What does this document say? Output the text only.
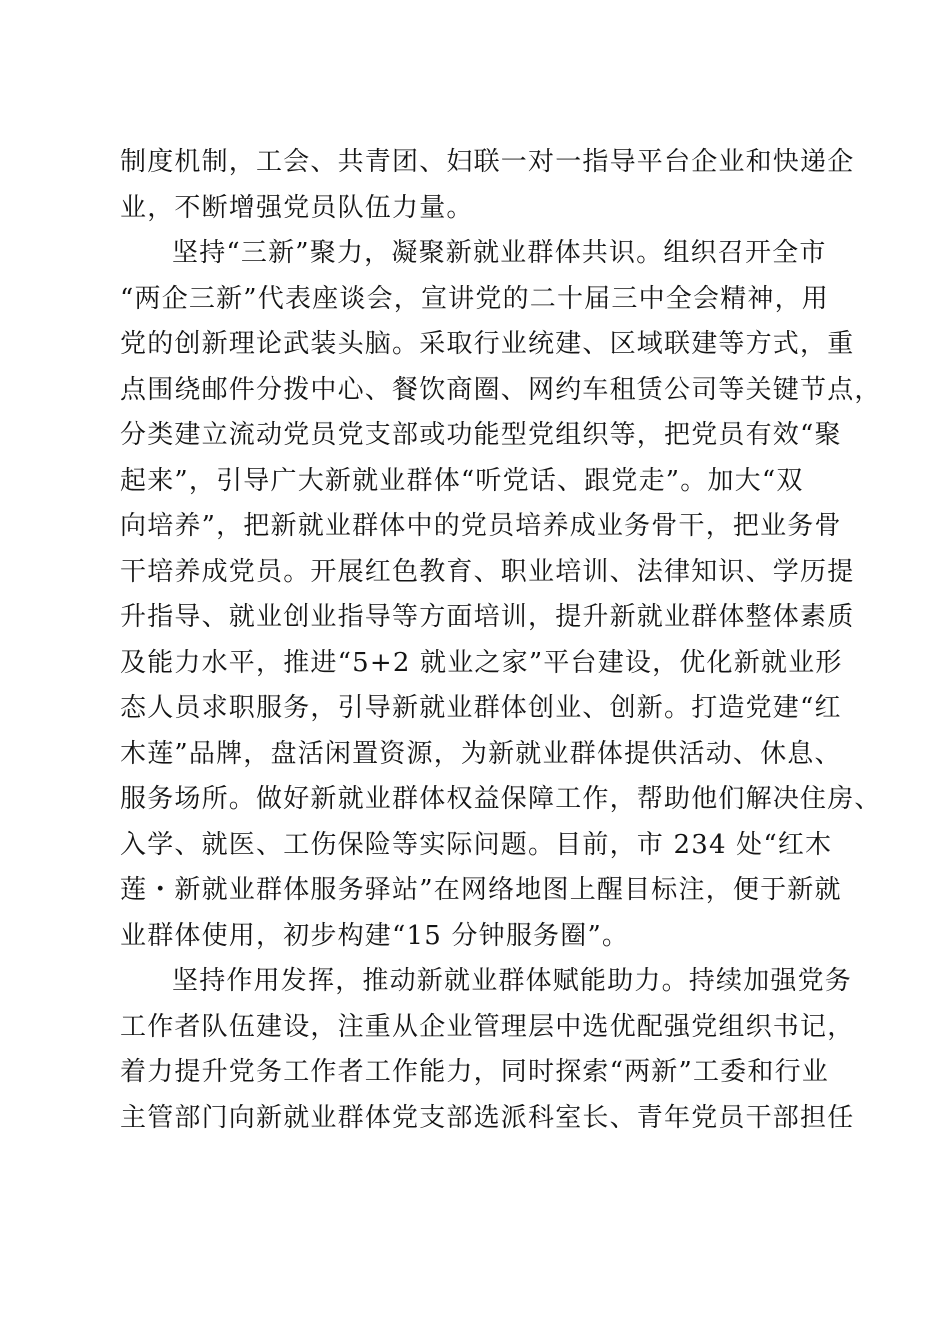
制度机制，工会、共青团、妇联一对一指导平台企业和快递企
业，不断增强党员队伍力量。
坚持“三新”聚力，凝聚新就业群体共识。组织召开全市
“两企三新”代表座谈会，宣讲党的二十届三中全会精神，用
党的创新理论武装头脑。采取行业统建、区域联建等方式，重
点围绕邮件分拨中心、餐饮商圈、网约车租赁公司等关键节点，
分类建立流动党员党支部或功能型党组织等，把党员有效“聚
起来”，引导广大新就业群体“听党话、跟党走”。加大“双
向培养”，把新就业群体中的党员培养成业务骨干，把业务骨
干培养成党员。开展红色教育、职业培训、法律知识、学历提
升指导、就业创业指导等方面培训，提升新就业群体整体素质
及能力水平，推进“5+2 就业之家”平台建设，优化新就业形
态人员求职服务，引导新就业群体创业、创新。打造党建“红
木莲”品牌，盘活闲置资源，为新就业群体提供活动、休息、
服务场所。做好新就业群体权益保障工作，帮助他们解决住房、
入学、就医、工伤保险等实际问题。目前，市 234 处“红木
莲・新就业群体服务驿站”在网络地图上醒目标注，便于新就
业群体使用，初步构建“15 分钟服务圈”。
坚持作用发挥，推动新就业群体赋能助力。持续加强党务
工作者队伍建设，注重从企业管理层中选优配强党组织书记，
着力提升党务工作者工作能力，同时探索“两新”工委和行业
主管部门向新就业群体党支部选派科室长、青年党员干部担任
